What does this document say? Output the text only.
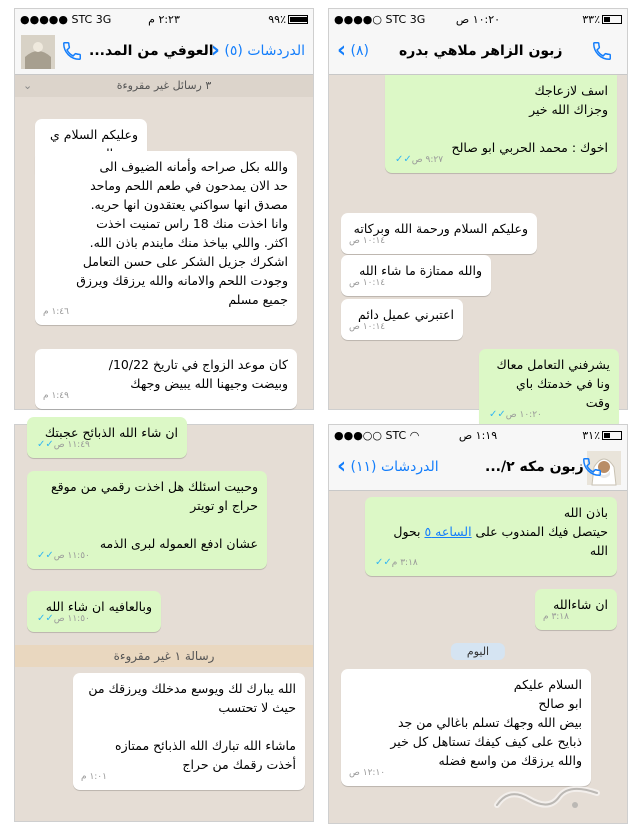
●●●●● STC 3G	٢:٢٣ م	٩٩٪
العوفي من المد... الدردشات (٥) ‹
٣ رسائل غير مقروءة
⌄

وعليكم السلام ي

والله بكل صراحه وأمانه الضيوف الى
حد الان يمدحون في طعم اللحم وماحد
مصدق انها سواكني يعتقدون انها حريه.
وانا اخذت منك 18 راس تمنيت اخذت
اكثر. واللي بياخذ منك مايندم باذن الله.
اشكرك جزيل الشكر على حسن التعامل
وجودت اللحم والامانه والله يرزقك ويرزق
جميع مسلم

١:٤٦ م

كان موعد الزواج في تاريخ 10/22/
وبيضت وجيهنا الله يبيض وجهك

١:٤٩ م
●●●●○ STC 3G	١٠:٢٠ ص	٣٣٪
زبون الزاهر ملاهي بدره
‹ (٨)

اسف لازعاجك
وجزاك الله خير

اخوك : محمد الحربي ابو صالح

٩:٢٧ ص✓✓

وعليكم السلام ورحمة الله وبركاته

١٠:١٤ ص

والله ممتازة ما شاء الله

١٠:١٤ ص

اعتبرني عميل دائم

١٠:١٤ ص

يشرفني التعامل معاك
ونا في خدمتك باي وقت

١٠:٢٠ ص✓✓

ان شاء الله الذبائح عجبتك

١١:٤٩ ص✓✓

وحبيت اسئلك هل اخذت رقمي من موقع
حراج او تويتر

عشان ادفع العموله لبرى الذمه

١١:٥٠ ص✓✓

وبالعافيه ان شاء الله

١١:٥٠ ص✓✓
رسالة ١ غير مقروءة

الله يبارك لك ويوسع مدخلك ويرزقك من
حيث لا تحتسب

ماشاء الله تبارك الله الذبائح ممتازه
أخذت رقمك من حراج

١:٠١ م
●●●○○ STC ◠	١:١٩ ص	٣١٪
زبون مكه ٢/...
‹ الدردشات (١١)

باذن الله
حيتصل فيك المندوب على الساعه ٥ بحول
الله

٣:١٨ م✓✓

ان شاءالله

٣:١٨ م
اليوم

السلام عليكم
ابو صالح
بيض الله وجهك تسلم باغالي من جد
ذبايح على كيف كيفك تستاهل كل خير
والله يرزقك من واسع فضله

١٢:١٠ ص
